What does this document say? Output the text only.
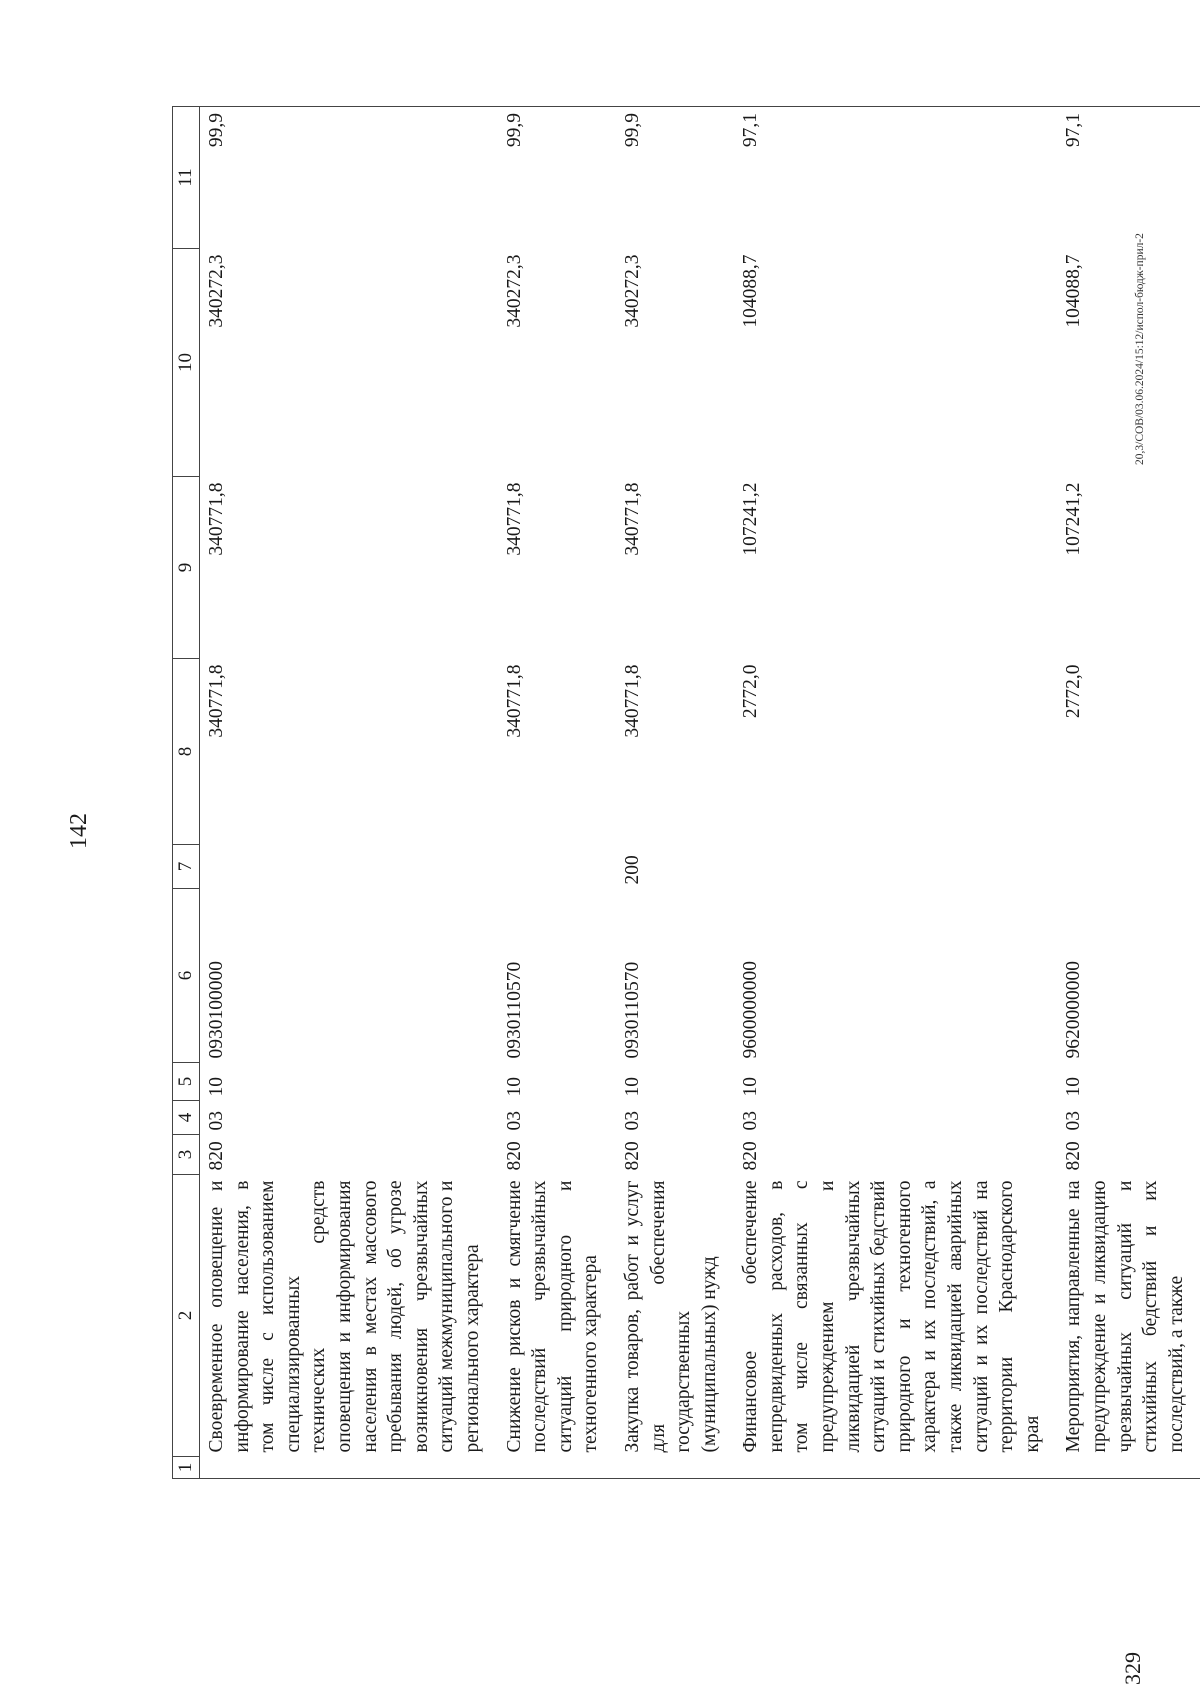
142
1	2	3	4	5	6	7	8	9	10	11
	Своевременное оповещение и информирование населения, в том числе с использованием специализированных технических средств оповещения и информирования населения в местах массового пребывания людей, об угрозе возникновения чрезвычайных ситуаций межмуниципального и регионального характера	820	03	10	0930100000		340771,8	340771,8	340272,3	99,9
	Снижение рисков и смягчение последствий чрезвычайных ситуаций природного и техногенного характера	820	03	10	0930110570		340771,8	340771,8	340272,3	99,9
	Закупка товаров, работ и услуг для обеспечения государственных (муниципальных) нужд	820	03	10	0930110570	200	340771,8	340771,8	340272,3	99,9
	Финансовое обеспечение непредвиденных расходов, в том числе связанных с предупреждением и ликвидацией чрезвычайных ситуаций и стихийных бедствий природного и техногенного характера и их последствий, а также ликвидацией аварийных ситуаций и их последствий на территории Краснодарского края	820	03	10	9600000000		2772,0	107241,2	104088,7	97,1
	Мероприятия, направленные на предупреждение и ликвидацию чрезвычайных ситуаций и стихийных бедствий и их последствий, а также	820	03	10	9620000000		2772,0	107241,2	104088,7	97,1
20,3/СОВ/03.06.2024/15:12/испол-бюдж-прил-2
329
